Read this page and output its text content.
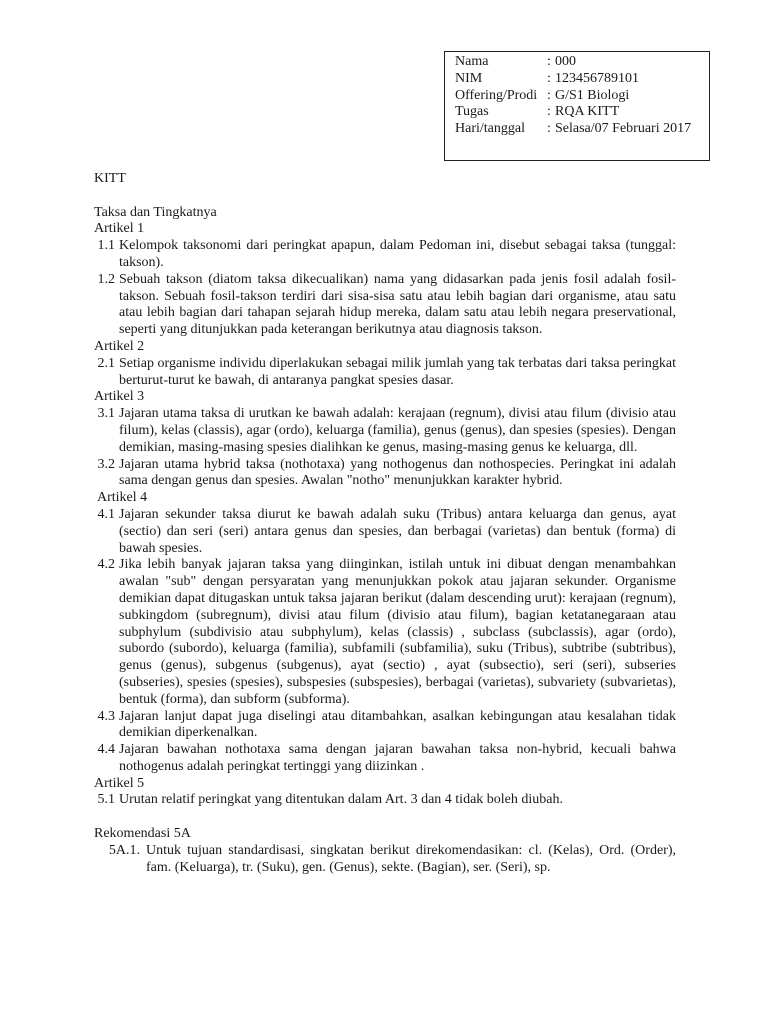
Nama	: 000
NIM	: 123456789101
Offering/Prodi : G/S1 Biologi
Tugas	: RQA KITT
Hari/tanggal	: Selasa/07 Februari 2017
KITT
Taksa dan Tingkatnya
Artikel 1
1.1 Kelompok taksonomi dari peringkat apapun, dalam Pedoman ini, disebut sebagai taksa (tunggal: takson).
1.2 Sebuah takson (diatom taksa dikecualikan) nama yang didasarkan pada jenis fosil adalah fosil-takson. Sebuah fosil-takson terdiri dari sisa-sisa satu atau lebih bagian dari organisme, atau satu atau lebih bagian dari tahapan sejarah hidup mereka, dalam satu atau lebih negara preservational, seperti yang ditunjukkan pada keterangan berikutnya atau diagnosis takson.
Artikel 2
2.1 Setiap organisme individu diperlakukan sebagai milik jumlah yang tak terbatas dari taksa peringkat berturut-turut ke bawah, di antaranya pangkat spesies dasar.
Artikel 3
3.1 Jajaran utama taksa di urutkan ke bawah adalah: kerajaan (regnum), divisi atau filum (divisio atau filum), kelas (classis), agar (ordo), keluarga (familia), genus (genus), dan spesies (spesies). Dengan demikian, masing-masing spesies dialihkan ke genus, masing-masing genus ke keluarga, dll.
3.2 Jajaran utama hybrid taksa (nothotaxa) yang nothogenus dan nothospecies. Peringkat ini adalah sama dengan genus dan spesies. Awalan "notho" menunjukkan karakter hybrid.
Artikel 4
4.1 Jajaran sekunder taksa diurut ke bawah adalah suku (Tribus) antara keluarga dan genus, ayat (sectio) dan seri (seri) antara genus dan spesies, dan berbagai (varietas) dan bentuk (forma) di bawah spesies.
4.2 Jika lebih banyak jajaran taksa yang diinginkan, istilah untuk ini dibuat dengan menambahkan awalan "sub" dengan persyaratan yang menunjukkan pokok atau jajaran sekunder. Organisme demikian dapat ditugaskan untuk taksa jajaran berikut (dalam descending urut): kerajaan (regnum), subkingdom (subregnum), divisi atau filum (divisio atau filum), bagian ketatanegaraan atau subphylum (subdivisio atau subphylum), kelas (classis) , subclass (subclassis), agar (ordo), subordo (subordo), keluarga (familia), subfamili (subfamilia), suku (Tribus), subtribe (subtribus), genus (genus), subgenus (subgenus), ayat (sectio) , ayat (subsectio), seri (seri), subseries (subseries), spesies (spesies), subspesies (subspesies), berbagai (varietas), subvariety (subvarietas), bentuk (forma), dan subform (subforma).
4.3 Jajaran lanjut dapat juga diselingi atau ditambahkan, asalkan kebingungan atau kesalahan tidak demikian diperkenalkan.
4.4 Jajaran bawahan nothotaxa sama dengan jajaran bawahan taksa non-hybrid, kecuali bahwa nothogenus adalah peringkat tertinggi yang diizinkan .
Artikel 5
5.1 Urutan relatif peringkat yang ditentukan dalam Art. 3 dan 4 tidak boleh diubah.
Rekomendasi 5A
5A.1. Untuk tujuan standardisasi, singkatan berikut direkomendasikan: cl. (Kelas), Ord. (Order), fam. (Keluarga), tr. (Suku), gen. (Genus), sekte. (Bagian), ser. (Seri), sp.
